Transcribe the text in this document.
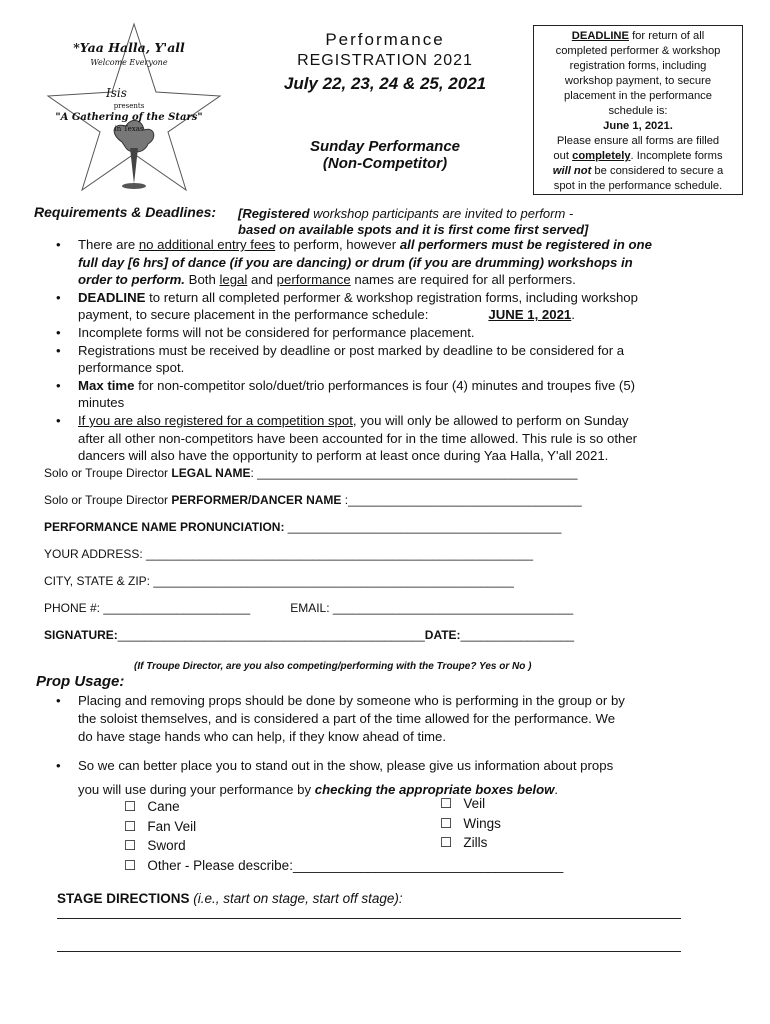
*Yaa Halla, Y'all
Welcome Everyone
Isis
presents
"A Gathering of the Stars"
in Texas
Performance
REGISTRATION 2021
July 22, 23, 24 & 25, 2021
Sunday Performance
(Non-Competitor)
DEADLINE for return of all
completed performer & workshop
registration forms, including
workshop payment, to secure
placement in the performance
schedule is:
June 1, 2021.
Please ensure all forms are filled
out completely. Incomplete forms
will not be considered to secure a
spot in the performance schedule.
Requirements & Deadlines: [Registered workshop participants are invited to perform -
based on available spots and it is first come first served]
• There are no additional entry fees to perform, however all performers must be registered in one
full day [6 hrs] of dance (if you are dancing) or drum (if you are drumming) workshops in
order to perform. Both legal and performance names are required for all performers.
• DEADLINE to return all completed performer & workshop registration forms, including workshop
payment, to secure placement in the performance schedule:	JUNE 1, 2021.
• Incomplete forms will not be considered for performance placement.
• Registrations must be received by deadline or post marked by deadline to be considered for a
performance spot.
• Max time for non-competitor solo/duet/trio performances is four (4) minutes and troupes five (5)
minutes
• If you are also registered for a competition spot, you will only be allowed to perform on Sunday
after all other non-competitors have been accounted for in the time allowed. This rule is so other
dancers will also have the opportunity to perform at least once during Yaa Halla, Y'all 2021.
Solo or Troupe Director LEGAL NAME: ________________________________________________
Solo or Troupe Director PERFORMER/DANCER NAME :___________________________________
PERFORMANCE NAME PRONUNCIATION: _________________________________________
YOUR ADDRESS: __________________________________________________________
CITY, STATE & ZIP: ______________________________________________________
PHONE #: ______________________	EMAIL: ____________________________________
SIGNATURE:______________________________________________DATE:_________________
(If Troupe Director, are you also competing/performing with the Troupe? Yes or No )
Prop Usage:
• Placing and removing props should be done by someone who is performing in the group or by
the soloist themselves, and is considered a part of the time allowed for the performance. We
do have stage hands who can help, if they know ahead of time.
• So we can better place you to stand out in the show, please give us information about props
you will use during your performance by checking the appropriate boxes below.
☐ Cane
☐ Fan Veil
☐ Sword
☐ Other - Please describe:____________________________________
☐ Veil
☐ Wings
☐ Zills
STAGE DIRECTIONS (i.e., start on stage, start off stage):
